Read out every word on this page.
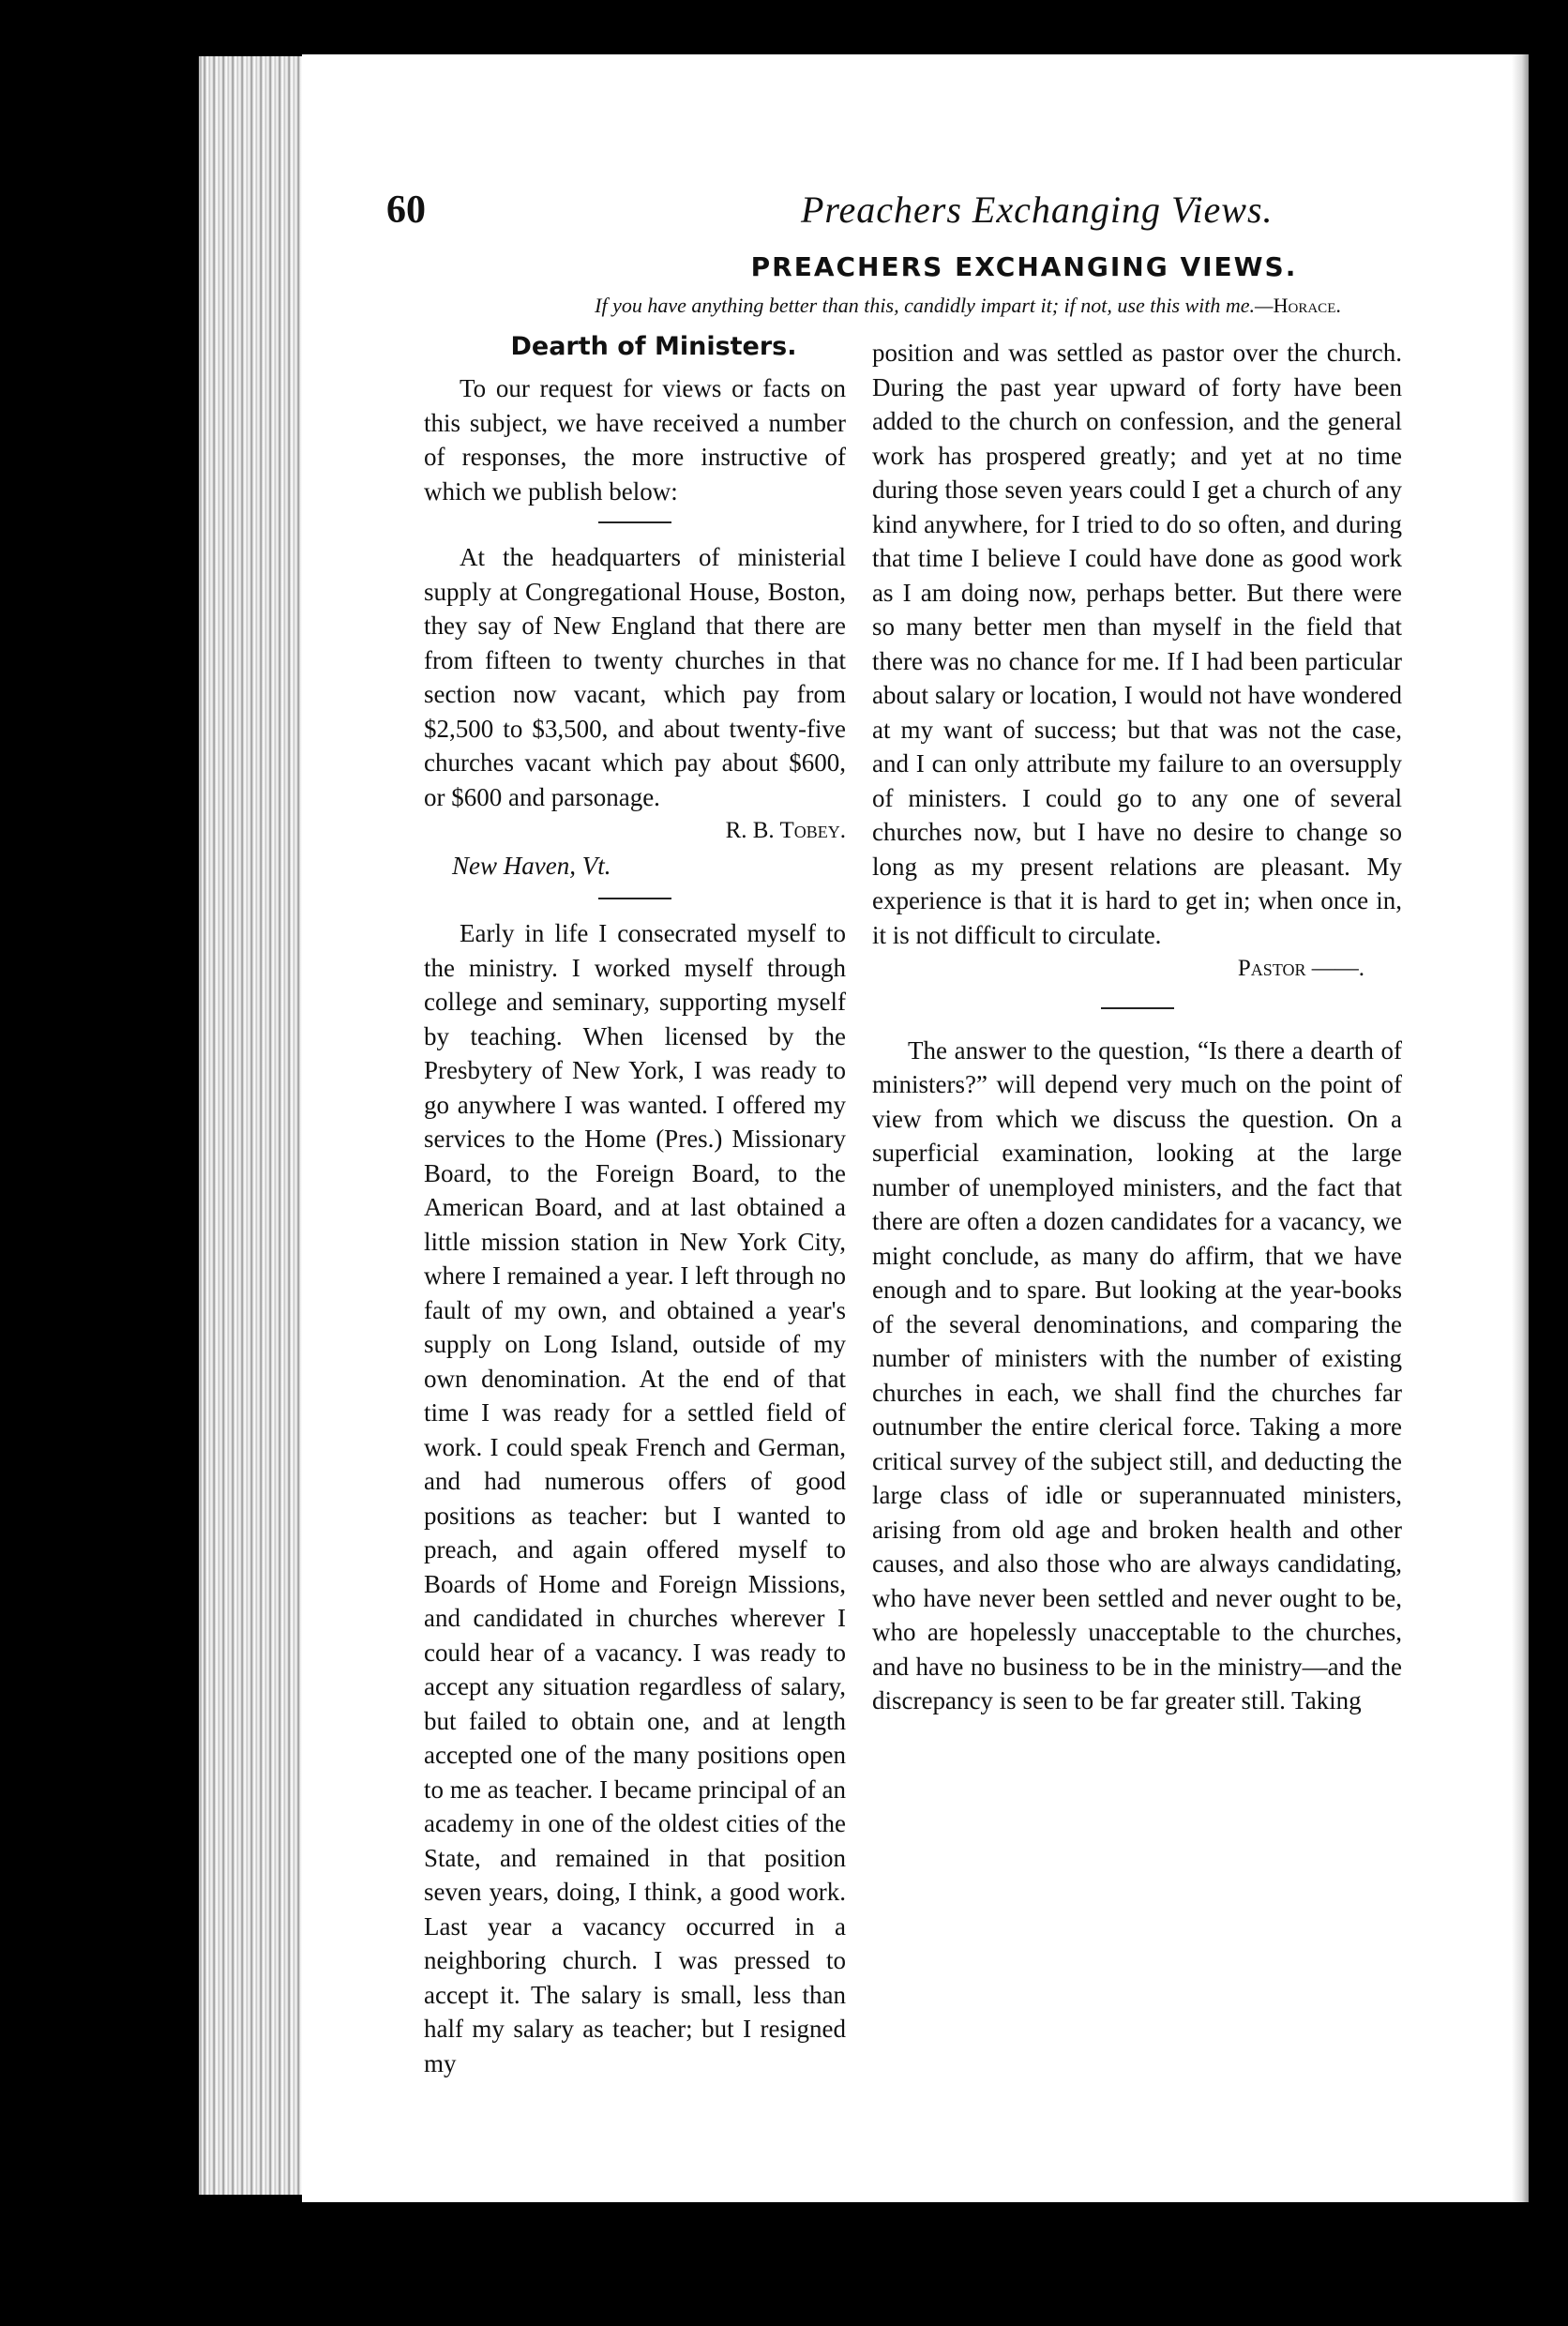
60	Preachers Exchanging Views.
PREACHERS EXCHANGING VIEWS.
If you have anything better than this, candidly impart it; if not, use this with me.—Horace.
Dearth of Ministers.

To our request for views or facts on this subject, we have received a number of responses, the more instructive of which we publish below:

At the headquarters of ministerial supply at Congregational House, Boston, they say of New England that there are from fifteen to twenty churches in that section now vacant, which pay from $2,500 to $3,500, and about twenty-five churches vacant which pay about $600, or $600 and parsonage.

R. B. Tobey.
New Haven, Vt.

Early in life I consecrated myself to the ministry. I worked myself through college and seminary, supporting myself by teaching. When licensed by the Presbytery of New York, I was ready to go anywhere I was wanted. I offered my services to the Home (Pres.) Missionary Board, to the Foreign Board, to the American Board, and at last obtained a little mission station in New York City, where I remained a year. I left through no fault of my own, and obtained a year's supply on Long Island, outside of my own denomination. At the end of that time I was ready for a settled field of work. I could speak French and German, and had numerous offers of good positions as teacher: but I wanted to preach, and again offered myself to Boards of Home and Foreign Missions, and candidated in churches wherever I could hear of a vacancy. I was ready to accept any situation regardless of salary, but failed to obtain one, and at length accepted one of the many positions open to me as teacher. I became principal of an academy in one of the oldest cities of the State, and remained in that position seven years, doing, I think, a good work. Last year a vacancy occurred in a neighboring church. I was pressed to accept it. The salary is small, less than half my salary as teacher; but I resigned my

position and was settled as pastor over the church. During the past year upward of forty have been added to the church on confession, and the general work has prospered greatly; and yet at no time during those seven years could I get a church of any kind anywhere, for I tried to do so often, and during that time I believe I could have done as good work as I am doing now, perhaps better. But there were so many better men than myself in the field that there was no chance for me. If I had been particular about salary or location, I would not have wondered at my want of success; but that was not the case, and I can only attribute my failure to an oversupply of ministers. I could go to any one of several churches now, but I have no desire to change so long as my present relations are pleasant. My experience is that it is hard to get in; when once in, it is not difficult to circulate.

Pastor ——.

The answer to the question, “Is there a dearth of ministers?” will depend very much on the point of view from which we discuss the question. On a superficial examination, looking at the large number of unemployed ministers, and the fact that there are often a dozen candidates for a vacancy, we might conclude, as many do affirm, that we have enough and to spare. But looking at the year-books of the several denominations, and comparing the number of ministers with the number of existing churches in each, we shall find the churches far outnumber the entire clerical force. Taking a more critical survey of the subject still, and deducting the large class of idle or superannuated ministers, arising from old age and broken health and other causes, and also those who are always candidating, who have never been settled and never ought to be, who are hopelessly unacceptable to the churches, and have no business to be in the ministry—and the discrepancy is seen to be far greater still. Taking
